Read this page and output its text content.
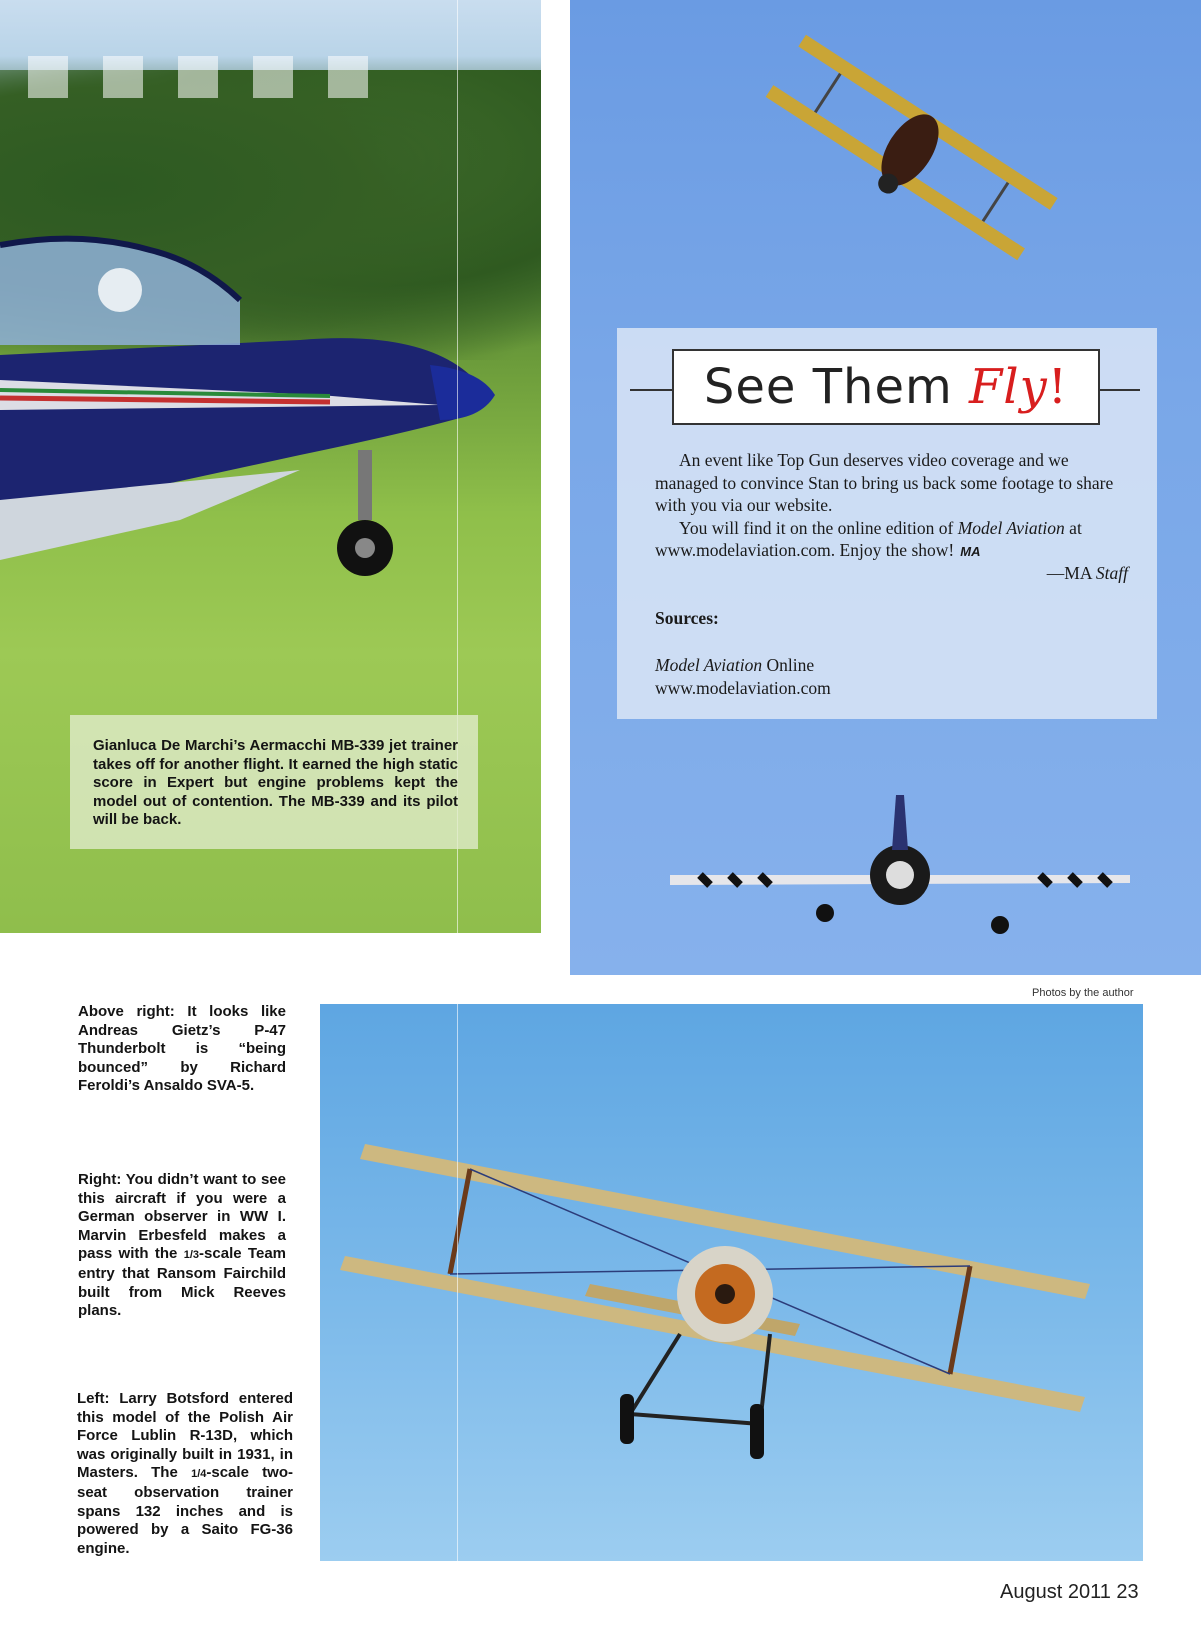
Gianluca De Marchi’s Aermacchi MB-339 jet trainer takes off for another flight. It earned the high static score in Expert but engine problems kept the model out of contention. The MB-339 and its pilot will be back.
See Them Fly!

An event like Top Gun deserves video coverage and we managed to convince Stan to bring us back some footage to share with you via our website.

You will find it on the online edition of Model Aviation at www.modelaviation.com. Enjoy the show! MA

—MA Staff
Sources:
Model Aviation Online
www.modelaviation.com
Photos by the author
Above right: It looks like Andreas Gietz’s P-47 Thunderbolt is “being bounced” by Richard Feroldi’s Ansaldo SVA-5.
Right: You didn’t want to see this aircraft if you were a German observer in WW I. Marvin Erbesfeld makes a pass with the 1/3-scale Team entry that Ransom Fairchild built from Mick Reeves plans.
Left: Larry Botsford entered this model of the Polish Air Force Lublin R-13D, which was originally built in 1931, in Masters. The 1/4-scale two-seat observation trainer spans 132 inches and is powered by a Saito FG-36 engine.
August 2011 23
